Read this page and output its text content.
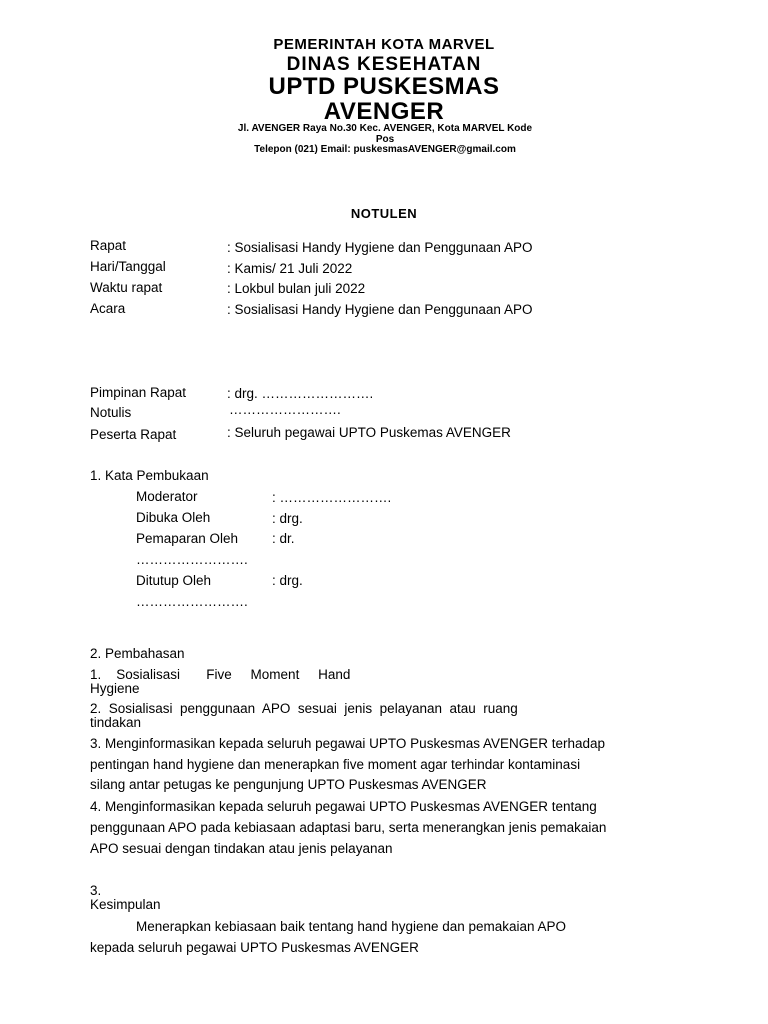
PEMERINTAH KOTA MARVEL
DINAS KESEHATAN
UPTD PUSKESMAS
AVENGER
Jl. AVENGER Raya No.30 Kec. AVENGER, Kota MARVEL Kode
Pos
Telepon (021) Email: puskesmasAVENGER@gmail.com
NOTULEN
Rapat	: Sosialisasi Handy Hygiene dan Penggunaan APO
Hari/Tanggal	: Kamis/ 21 Juli 2022
Waktu rapat	: Lokbul bulan juli 2022
Acara	: Sosialisasi Handy Hygiene dan Penggunaan APO
Pimpinan Rapat	: drg. …………………….
Notulis	…………………….
Peserta Rapat	: Seluruh pegawai UPTO Puskemas AVENGER
1. Kata Pembukaan
Moderator	: …………………….
Dibuka Oleh	: drg.
Pemaparan Oleh	: dr.
…………………….
Ditutup Oleh	: drg.
…………………….
2. Pembahasan
1.    Sosialisasi       Five     Moment     Hand
Hygiene
2.  Sosialisasi  penggunaan  APO  sesuai  jenis  pelayanan  atau  ruang
tindakan
3. Menginformasikan kepada seluruh pegawai UPTO Puskesmas AVENGER terhadap
pentingan hand hygiene dan menerapkan five moment agar terhindar kontaminasi
silang antar petugas ke pengunjung UPTO Puskesmas AVENGER
4. Menginformasikan kepada seluruh pegawai UPTO Puskesmas AVENGER tentang
penggunaan APO pada kebiasaan adaptasi baru, serta menerangkan jenis pemakaian
APO sesuai dengan tindakan atau jenis pelayanan
3.
Kesimpulan
Menerapkan kebiasaan baik tentang hand hygiene dan pemakaian APO
kepada seluruh pegawai UPTO Puskesmas AVENGER
